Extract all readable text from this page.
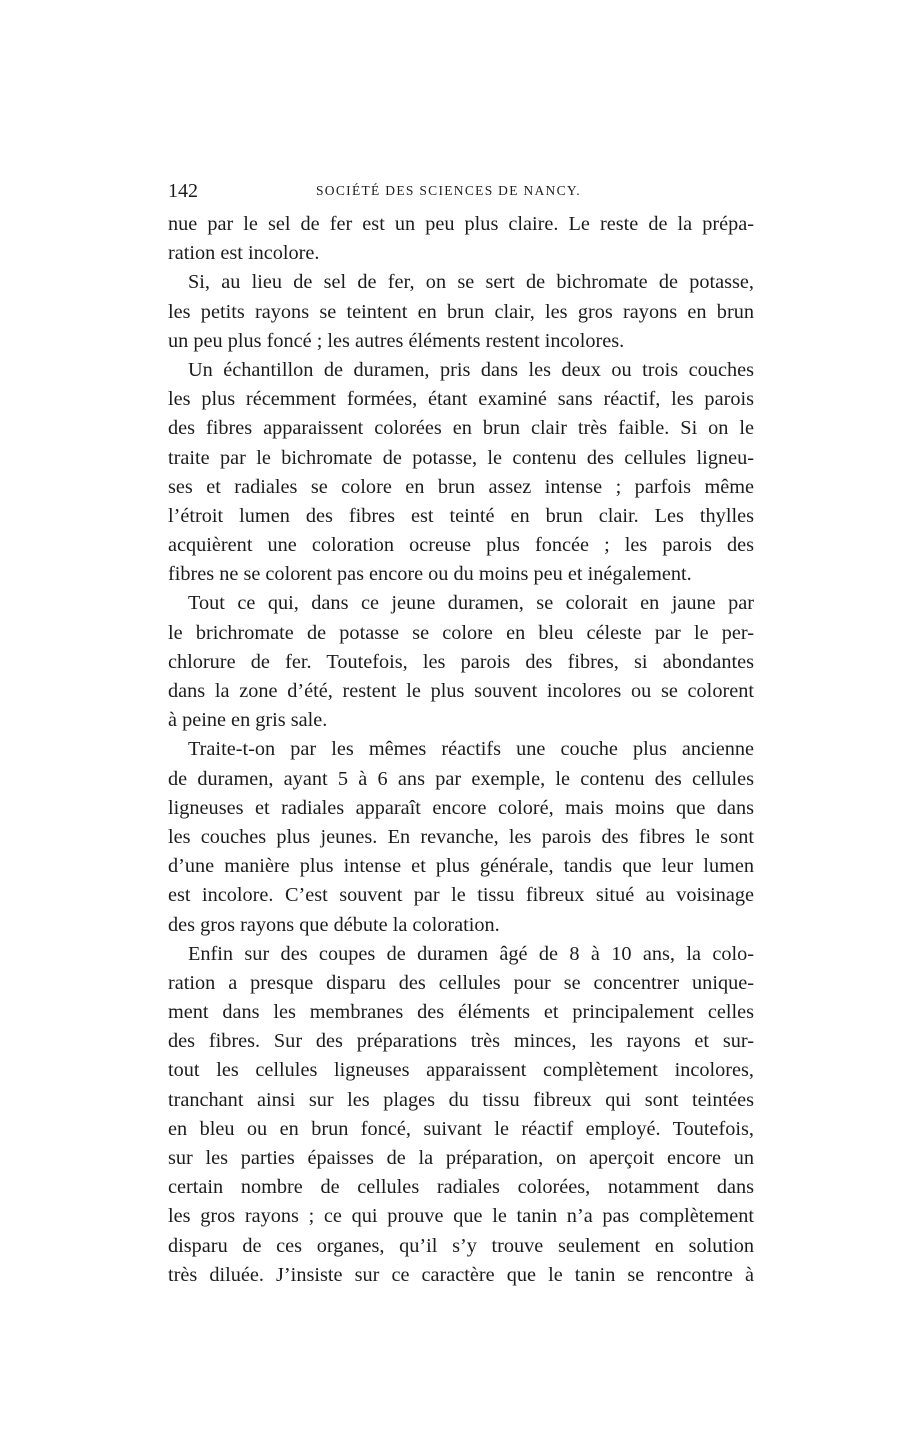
142	SOCIÉTÉ DES SCIENCES DE NANCY.
nue par le sel de fer est un peu plus claire. Le reste de la prépa-
ration est incolore.
Si, au lieu de sel de fer, on se sert de bichromate de potasse,
les petits rayons se teintent en brun clair, les gros rayons en brun
un peu plus foncé ; les autres éléments restent incolores.
Un échantillon de duramen, pris dans les deux ou trois couches
les plus récemment formées, étant examiné sans réactif, les parois
des fibres apparaissent colorées en brun clair très faible. Si on le
traite par le bichromate de potasse, le contenu des cellules ligneu-
ses et radiales se colore en brun assez intense ; parfois même
l’étroit lumen des fibres est teinté en brun clair. Les thylles
acquièrent une coloration ocreuse plus foncée ; les parois des
fibres ne se colorent pas encore ou du moins peu et inégalement.
Tout ce qui, dans ce jeune duramen, se colorait en jaune par
le brichromate de potasse se colore en bleu céleste par le per-
chlorure de fer. Toutefois, les parois des fibres, si abondantes
dans la zone d’été, restent le plus souvent incolores ou se colorent
à peine en gris sale.
Traite-t-on par les mêmes réactifs une couche plus ancienne
de duramen, ayant 5 à 6 ans par exemple, le contenu des cellules
ligneuses et radiales apparaît encore coloré, mais moins que dans
les couches plus jeunes. En revanche, les parois des fibres le sont
d’une manière plus intense et plus générale, tandis que leur lumen
est incolore. C’est souvent par le tissu fibreux situé au voisinage
des gros rayons que débute la coloration.
Enfin sur des coupes de duramen âgé de 8 à 10 ans, la colo-
ration a presque disparu des cellules pour se concentrer unique-
ment dans les membranes des éléments et principalement celles
des fibres. Sur des préparations très minces, les rayons et sur-
tout les cellules ligneuses apparaissent complètement incolores,
tranchant ainsi sur les plages du tissu fibreux qui sont teintées
en bleu ou en brun foncé, suivant le réactif employé. Toutefois,
sur les parties épaisses de la préparation, on aperçoit encore un
certain nombre de cellules radiales colorées, notamment dans
les gros rayons ; ce qui prouve que le tanin n’a pas complètement
disparu de ces organes, qu’il s’y trouve seulement en solution
très diluée. J’insiste sur ce caractère que le tanin se rencontre à
